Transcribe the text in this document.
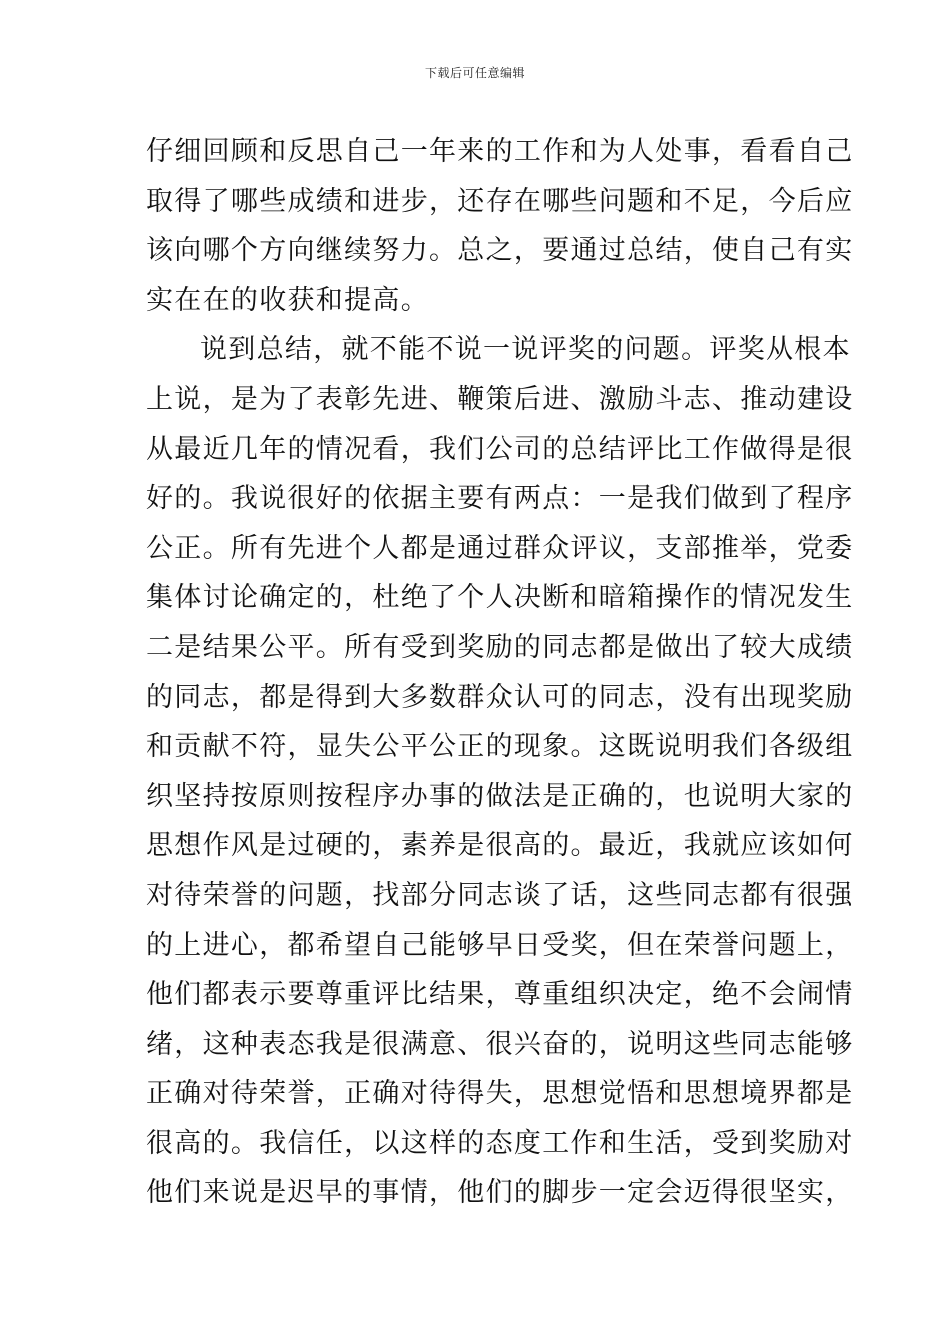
下载后可任意编辑
仔细回顾和反思自己一年来的工作和为人处事，看看自己
取得了哪些成绩和进步，还存在哪些问题和不足，今后应
该向哪个方向继续努力。总之，要通过总结，使自己有实
实在在的收获和提高。
说到总结，就不能不说一说评奖的问题。评奖从根本
上说，是为了表彰先进、鞭策后进、激励斗志、推动建设
从最近几年的情况看，我们公司的总结评比工作做得是很
好的。我说很好的依据主要有两点：一是我们做到了程序
公正。所有先进个人都是通过群众评议，支部推举，党委
集体讨论确定的，杜绝了个人决断和暗箱操作的情况发生
二是结果公平。所有受到奖励的同志都是做出了较大成绩
的同志，都是得到大多数群众认可的同志，没有出现奖励
和贡献不符，显失公平公正的现象。这既说明我们各级组
织坚持按原则按程序办事的做法是正确的，也说明大家的
思想作风是过硬的，素养是很高的。最近，我就应该如何
对待荣誉的问题，找部分同志谈了话，这些同志都有很强
的上进心，都希望自己能够早日受奖，但在荣誉问题上，
他们都表示要尊重评比结果，尊重组织决定，绝不会闹情
绪，这种表态我是很满意、很兴奋的，说明这些同志能够
正确对待荣誉，正确对待得失，思想觉悟和思想境界都是
很高的。我信任，以这样的态度工作和生活，受到奖励对
他们来说是迟早的事情，他们的脚步一定会迈得很坚实，
